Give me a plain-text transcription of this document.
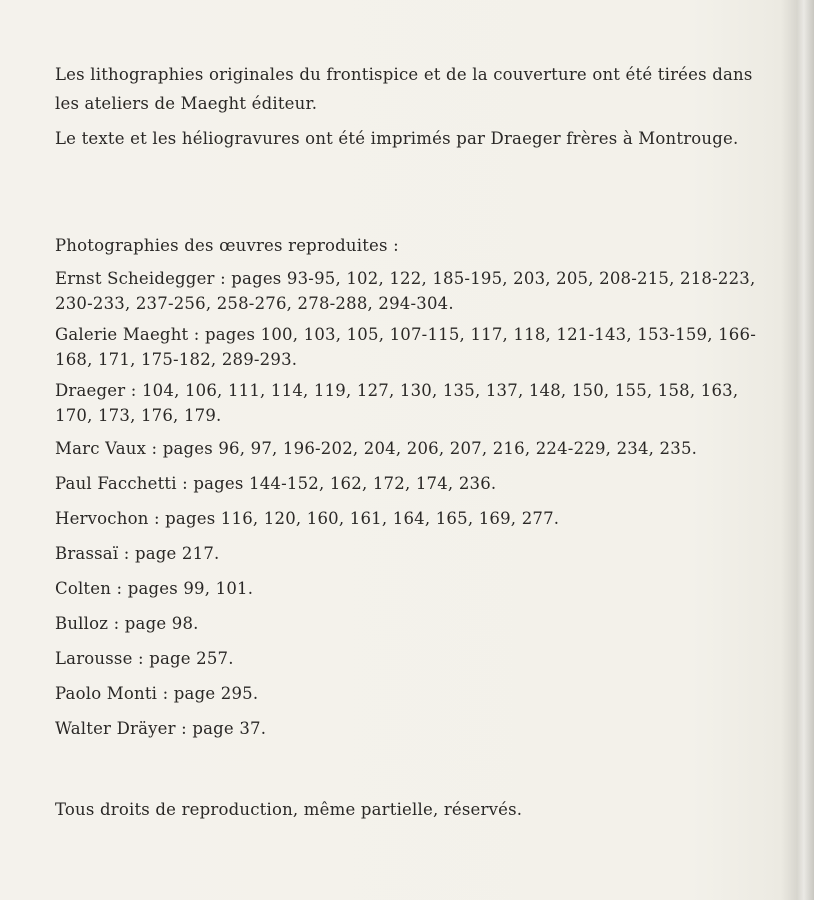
Les lithographies originales du frontispice et de la couverture ont été tirées dans les ateliers de Maeght éditeur.

Le texte et les héliogravures ont été imprimés par Draeger frères à Montrouge.

Photographies des œuvres reproduites :

Ernst Scheidegger : pages 93-95, 102, 122, 185-195, 203, 205, 208-215, 218-223, 230-233, 237-256, 258-276, 278-288, 294-304.

Galerie Maeght : pages 100, 103, 105, 107-115, 117, 118, 121-143, 153-159, 166-168, 171, 175-182, 289-293.

Draeger : 104, 106, 111, 114, 119, 127, 130, 135, 137, 148, 150, 155, 158, 163, 170, 173, 176, 179.

Marc Vaux : pages 96, 97, 196-202, 204, 206, 207, 216, 224-229, 234, 235.

Paul Facchetti : pages 144-152, 162, 172, 174, 236.

Hervochon : pages 116, 120, 160, 161, 164, 165, 169, 277.

Brassaï : page 217.

Colten : pages 99, 101.

Bulloz : page 98.

Larousse : page 257.

Paolo Monti : page 295.

Walter Dräyer : page 37.

Tous droits de reproduction, même partielle, réservés.
